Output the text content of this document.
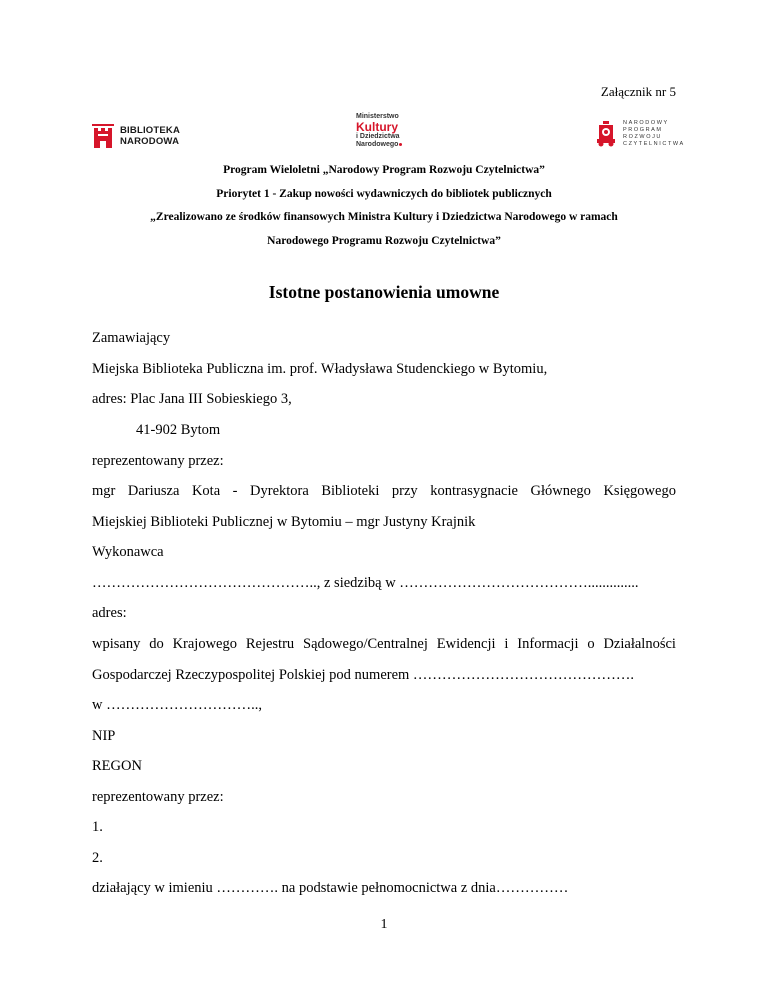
Załącznik nr 5
BIBLIOTEKA
NARODOWA
Ministerstwo
Kultury
i Dziedzictwa
Narodowego
NARODOWY
PROGRAM
ROZWOJU
CZYTELNICTWA
Program Wieloletni „Narodowy Program Rozwoju Czytelnictwa”
Priorytet 1 - Zakup nowości wydawniczych do bibliotek publicznych
„Zrealizowano ze środków finansowych Ministra Kultury i Dziedzictwa Narodowego w ramach
Narodowego Programu Rozwoju Czytelnictwa”
Istotne postanowienia umowne
Zamawiający
Miejska Biblioteka Publiczna im. prof. Władysława Studenckiego w Bytomiu,
adres: Plac Jana III Sobieskiego 3,
41-902 Bytom
reprezentowany przez:
mgr Dariusza Kota - Dyrektora Biblioteki przy kontrasygnacie Głównego Księgowego
Miejskiej Biblioteki Publicznej w Bytomiu – mgr Justyny Krajnik
Wykonawca
……………………………………….., z siedzibą w …………………………………..............
adres:
wpisany do Krajowego Rejestru Sądowego/Centralnej Ewidencji i Informacji o Działalności
Gospodarczej Rzeczypospolitej Polskiej pod numerem ……………………………………….
w …………………………..,
NIP
REGON
reprezentowany przez:
1.
2.
działający w imieniu …………. na podstawie pełnomocnictwa z dnia……………
1
